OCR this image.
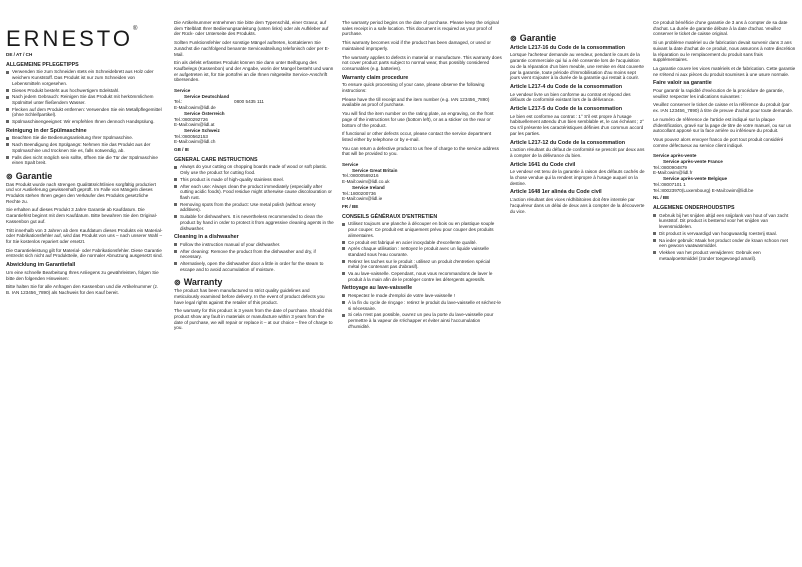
ERNESTO®
DE / AT / CH
ALLGEMEINE PFLEGETIPPS

Verwenden Sie zum Schneiden stets ein Schneidebrett aus Holz oder weichem Kunststoff. Das Produkt ist nur zum Schneiden von Lebensmitteln vorgesehen.

Dieses Produkt besteht aus hochwertigem Edelstahl.

Nach jedem Gebrauch: Reinigen Sie das Produkt mit herkömmlichem Spülmittel unter fließendem Wasser.

Flecken auf dem Produkt entfernen: Verwenden Sie ein Metallpflegemittel (ohne Schleifpartikel).

Spülmaschinengeeignet: Wir empfehlen Ihnen dennoch Handspülung.

Reinigung in der Spülmaschine

Beachten Sie die Bedienungsanleitung Ihrer Spülmaschine.

Nach Beendigung des Spülgangs: Nehmen Sie das Produkt aus der Spülmaschine und trocknen Sie es, falls notwendig, ab.

Falls dies nicht möglich sein sollte, öffnen Sie die Tür der Spülmaschine einen Spalt breit.

⊚ Garantie

Das Produkt wurde nach strengen Qualitätsrichtlinien sorgfältig produziert und vor Auslieferung gewissenhaft geprüft. Im Falle von Mängeln dieses Produkts stehen Ihnen gegen den Verkäufer des Produkts gesetzliche Rechte zu.

Sie erhalten auf dieses Produkt 3 Jahre Garantie ab Kaufdatum. Die Garantiefrist beginnt mit dem Kaufdatum. Bitte bewahren Sie den Original-Kassenbon gut auf.

Tritt innerhalb von 3 Jahren ab dem Kaufdatum dieses Produkts ein Material- oder Fabrikationsfehler auf, wird das Produkt von uns – nach unserer Wahl – für Sie kostenlos repariert oder ersetzt.

Die Garantieleistung gilt für Material- oder Fabrikationsfehler. Diese Garantie erstreckt sich nicht auf Produktteile, die normaler Abnutzung ausgesetzt sind.

Abwicklung im Garantiefall

Um eine schnelle Bearbeitung Ihres Anliegens zu gewährleisten, folgen Sie bitte den folgenden Hinweisen:

Bitte halten Sie für alle Anfragen den Kassenbon und die Artikelnummer (z. B. IAN 123456_7890) als Nachweis für den Kauf bereit.

Die Artikelnummer entnehmen Sie bitte dem Typenschild, einer Gravur, auf dem Titelblatt Ihrer Bedienungsanleitung (unten links) oder als Aufkleber auf der Rück- oder Unterseite des Produkts.

Sollten Funktionsfehler oder sonstige Mängel auftreten, kontaktieren Sie zunächst die nachfolgend benannte Serviceabteilung telefonisch oder per E-Mail.

Ein als defekt erfasstes Produkt können Sie dann unter Beifügung des Kaufbelegs (Kassenbon) und der Angabe, worin der Mangel besteht und wann er aufgetreten ist, für Sie portofrei an die Ihnen mitgeteilte Service-Anschrift übersenden.

Service
Service Deutschland
Tel.:	0800 5435 111
E-Mail:owim@lidl.de
Service Österreich
Tel.:0800292726
E-Mail:owim@lidl.at
Service Schweiz
Tel.:0800562153
E-Mail:owim@lidl.ch
GB / IE
GENERAL CARE INSTRUCTIONS

Always do your cutting on chopping boards made of wood or soft plastic. Only use the product for cutting food.

This product is made of high-quality stainless steel.

After each use: Always clean the product immediately (especially after cutting acidic foods). Food residue might otherwise cause discolouration or flash rust.

Removing spots from the product: Use metal polish (without emery additives).

Suitable for dishwashers. It is nevertheless recommended to clean the product by hand in order to protect it from aggressive cleaning agents in the dishwasher.

Cleaning in a dishwasher

Follow the instruction manual of your dishwasher.

After cleaning: Remove the product from the dishwasher and dry, if necessary.

Alternatively, open the dishwasher door a little in order for the steam to escape and to avoid accumulation of moisture.

⊚ Warranty

The product has been manufactured to strict quality guidelines and meticulously examined before delivery. In the event of product defects you have legal rights against the retailer of this product.

The warranty for this product is 3 years from the date of purchase. Should this product show any fault in materials or manufacture within 3 years from the date of purchase, we will repair or replace it – at our choice – free of charge to you.

The warranty period begins on the date of purchase. Please keep the original sales receipt in a safe location. This document is required as your proof of purchase.

This warranty becomes void if the product has been damaged, or used or maintained improperly.

The warranty applies to defects in material or manufacture. This warranty does not cover product parts subject to normal wear, thus possibly considered consumables (e.g. batteries).

Warranty claim procedure

To ensure quick processing of your case, please observe the following instructions:

Please have the till receipt and the item number (e.g. IAN 123456_7890) available as proof of purchase.

You will find the item number on the rating plate, an engraving, on the front page of the instructions for use (bottom left), or as a sticker on the rear or bottom of the product.

If functional or other defects occur, please contact the service department listed either by telephone or by e-mail.

You can return a defective product to us free of charge to the service address that will be provided to you.

Service
Service Great Britain
Tel.:08000569216
E-Mail:owim@lidl.co.uk
Service Ireland
Tel.:1800200736
E-Mail:owim@lidl.ie
FR / BE
CONSEILS GÉNÉRAUX D'ENTRETIEN

Utilisez toujours une planche à découper en bois ou en plastique souple pour couper. Ce produit est uniquement prévu pour couper des produits alimentaires.

Ce produit est fabriqué en acier inoxydable d'excellente qualité.

Après chaque utilisation : nettoyez le produit avec un liquide vaisselle standard sous l'eau courante.

Retirez les taches sur le produit : utilisez un produit d'entretien spécial métal (ne contenant pas d'abrasif).

Va au lave-vaisselle. Cependant, nous vous recommandons de laver le produit à la main afin de le protéger contre les détergents agressifs.

Nettoyage au lave-vaisselle

Respectez le mode d'emploi de votre lave-vaisselle !

À la fin du cycle de rinçage : retirez le produit du lave-vaisselle et séchez-le si nécessaire.

Si cela n'est pas possible, ouvrez un peu la porte du lave-vaisselle pour permettre à la vapeur de s'échapper et éviter ainsi l'accumulation d'humidité.

⊚ Garantie
Article L217-16 du Code de la consommation

Lorsque l'acheteur demande au vendeur, pendant le cours de la garantie commerciale qui lui a été consentie lors de l'acquisition ou de la réparation d'un bien meuble, une remise en état couverte par la garantie, toute période d'immobilisation d'au moins sept jours vient s'ajouter à la durée de la garantie qui restait à courir.

Article L217-4 du Code de la consommation

Le vendeur livre un bien conforme au contrat et répond des défauts de conformité existant lors de la délivrance.

Article L217-5 du Code de la consommation

Le bien est conforme au contrat : 1° S'il est propre à l'usage habituellement attendu d'un bien semblable et, le cas échéant ; 2° Ou s'il présente les caractéristiques définies d'un commun accord par les parties.

Article L217-12 du Code de la consommation

L'action résultant du défaut de conformité se prescrit par deux ans à compter de la délivrance du bien.

Article 1641 du Code civil

Le vendeur est tenu de la garantie à raison des défauts cachés de la chose vendue qui la rendent impropre à l'usage auquel on la destine.

Article 1648 1er alinéa du Code civil

L'action résultant des vices rédhibitoires doit être intentée par l'acquéreur dans un délai de deux ans à compter de la découverte du vice.

Ce produit bénéficie d'une garantie de 3 ans à compter de sa date d'achat. La durée de garantie débute à la date d'achat. Veuillez conserver le ticket de caisse original.

Si un problème matériel ou de fabrication devait survenir dans 3 ans suivant la date d'achat de ce produit, nous assurons à notre discrétion la réparation ou le remplacement du produit sans frais supplémentaires.

La garantie couvre les vices matériels et de fabrication. Cette garantie ne s'étend ni aux pièces du produit soumises à une usure normale.

Faire valoir sa garantie

Pour garantir la rapidité d'exécution de la procédure de garantie, veuillez respecter les indications suivantes :

Veuillez conserver le ticket de caisse et la référence du produit (par ex. IAN 123456_7890) à titre de preuve d'achat pour toute demande.

Le numéro de référence de l'article est indiqué sur la plaque d'identification, gravé sur la page de titre de votre manuel, ou sur un autocollant apposé sur la face arrière ou inférieure du produit.

Vous pouvez alors envoyer franco de port tout produit considéré comme défectueux au service client indiqué.

Service après-vente
Service après-vente France
Tel.:0800904879
E-Mail:owim@lidl.fr
Service après-vente Belgique
Tel.:08007101 1
Tel.:80023970(Luxembourg) E-Mail:owim@lidl.be
NL / BE
ALGEMENE ONDERHOUDSTIPS

Gebruik bij het snijden altijd een snijplank van hout of van zacht kunststof. Dit product is bestemd voor het snijden van levensmiddelen.

Dit product is vervaardigd van hoogwaardig roestvrij staal.

Na ieder gebruik: Maak het product onder de kraan schoon met een gewoon vaatwasmiddel.

Vlekken van het product verwijderen: Gebruik een metaalpoetsmiddel (zonder toegevoegd amaril).
